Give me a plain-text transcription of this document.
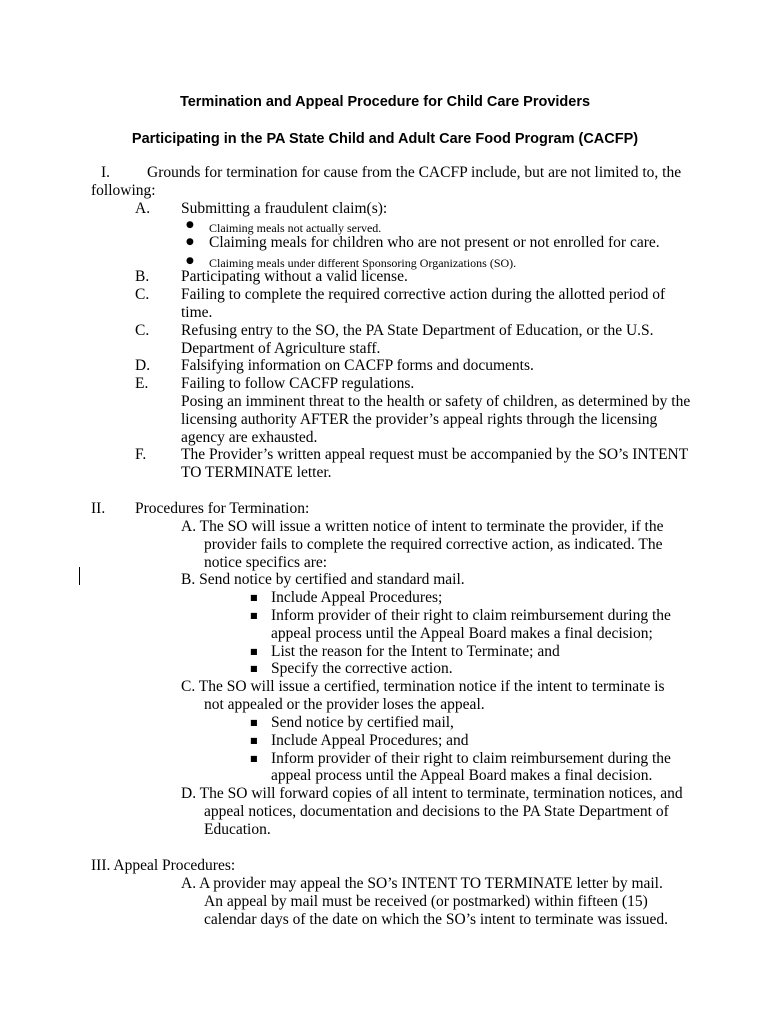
Termination and Appeal Procedure for Child Care Providers
Participating in the PA State Child and Adult Care Food Program (CACFP)
I. Grounds for termination for cause from the CACFP include, but are not limited to, the
following:
A. Submitting a fraudulent claim(s):
● Claiming meals not actually served.
● Claiming meals for children who are not present or not enrolled for care.
● Claiming meals under different Sponsoring Organizations (SO).
B. Participating without a valid license.
C. Failing to complete the required corrective action during the allotted period of
time.
C. Refusing entry to the SO, the PA State Department of Education, or the U.S.
Department of Agriculture staff.
D. Falsifying information on CACFP forms and documents.
E. Failing to follow CACFP regulations.
Posing an imminent threat to the health or safety of children, as determined by the
licensing authority AFTER the provider’s appeal rights through the licensing
agency are exhausted.
F. The Provider’s written appeal request must be accompanied by the SO’s INTENT
TO TERMINATE letter.
II. Procedures for Termination:
A. The SO will issue a written notice of intent to terminate the provider, if the
provider fails to complete the required corrective action, as indicated. The
notice specifics are:
B. Send notice by certified and standard mail.
■ Include Appeal Procedures;
■ Inform provider of their right to claim reimbursement during the
appeal process until the Appeal Board makes a final decision;
■ List the reason for the Intent to Terminate; and
■ Specify the corrective action.
C. The SO will issue a certified, termination notice if the intent to terminate is
not appealed or the provider loses the appeal.
■ Send notice by certified mail,
■ Include Appeal Procedures; and
■ Inform provider of their right to claim reimbursement during the
appeal process until the Appeal Board makes a final decision.
D. The SO will forward copies of all intent to terminate, termination notices, and
appeal notices, documentation and decisions to the PA State Department of
Education.
III. Appeal Procedures:
A. A provider may appeal the SO’s INTENT TO TERMINATE letter by mail.
An appeal by mail must be received (or postmarked) within fifteen (15)
calendar days of the date on which the SO’s intent to terminate was issued.
